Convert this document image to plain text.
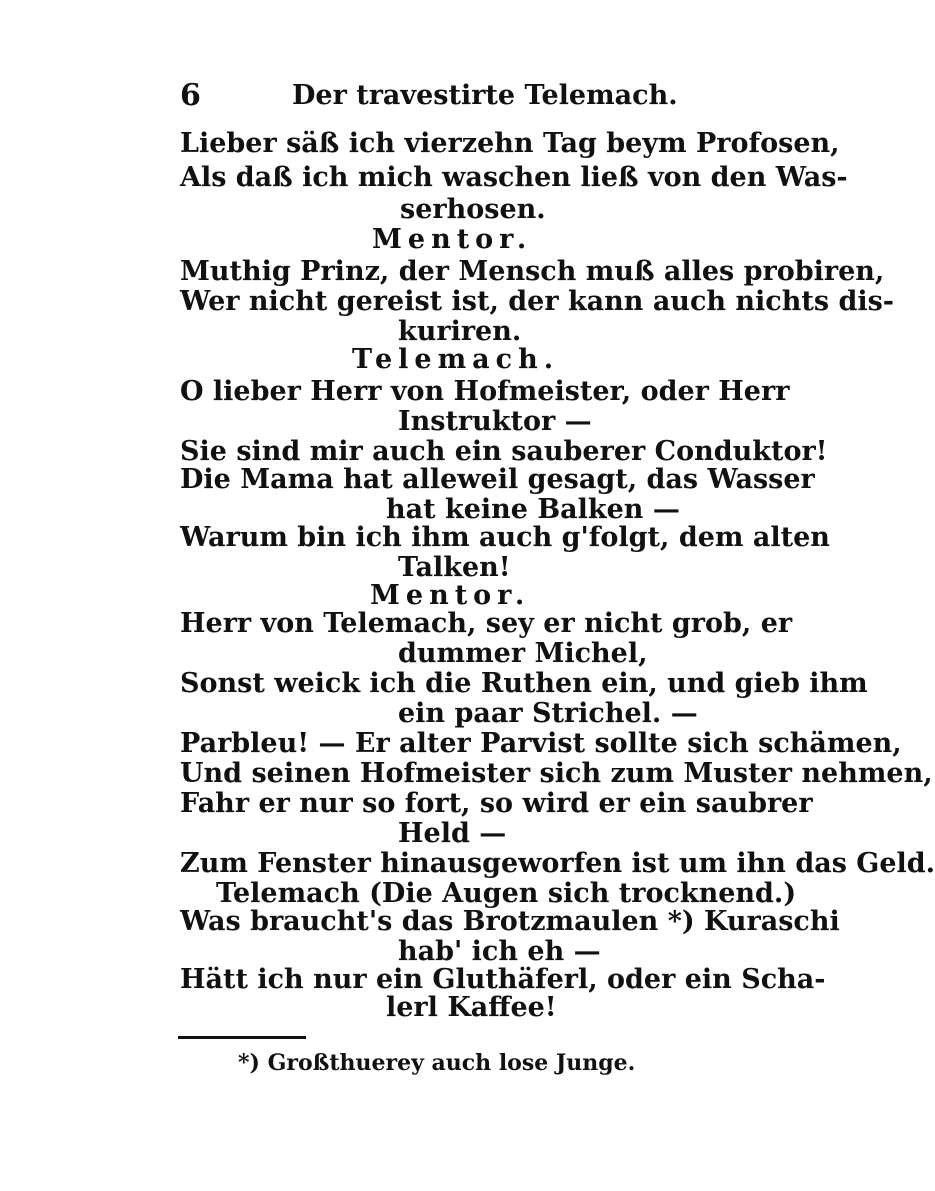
6	Der travestirte Telemach.
Lieber säß ich vierzehn Tag beym Profosen,
Als daß ich mich waschen ließ von den Was-
serhosen.
Mentor.
Muthig Prinz, der Mensch muß alles probiren,
Wer nicht gereist ist, der kann auch nichts dis-
kuriren.
Telemach.
O lieber Herr von Hofmeister, oder Herr
Instruktor —
Sie sind mir auch ein sauberer Conduktor!
Die Mama hat alleweil gesagt, das Wasser
hat keine Balken —
Warum bin ich ihm auch g'folgt, dem alten
Talken!
Mentor.
Herr von Telemach, sey er nicht grob, er
dummer Michel,
Sonst weick ich die Ruthen ein, und gieb ihm
ein paar Strichel. —
Parbleu! — Er alter Parvist sollte sich schämen,
Und seinen Hofmeister sich zum Muster nehmen,
Fahr er nur so fort, so wird er ein saubrer
Held —
Zum Fenster hinausgeworfen ist um ihn das Geld.
Telemach (Die Augen sich trocknend.)
Was braucht's das Brotzmaulen *) Kuraschi
hab' ich eh —
Hätt ich nur ein Gluthäferl, oder ein Scha-
lerl Kaffee!
*) Großthuerey auch lose Junge.
